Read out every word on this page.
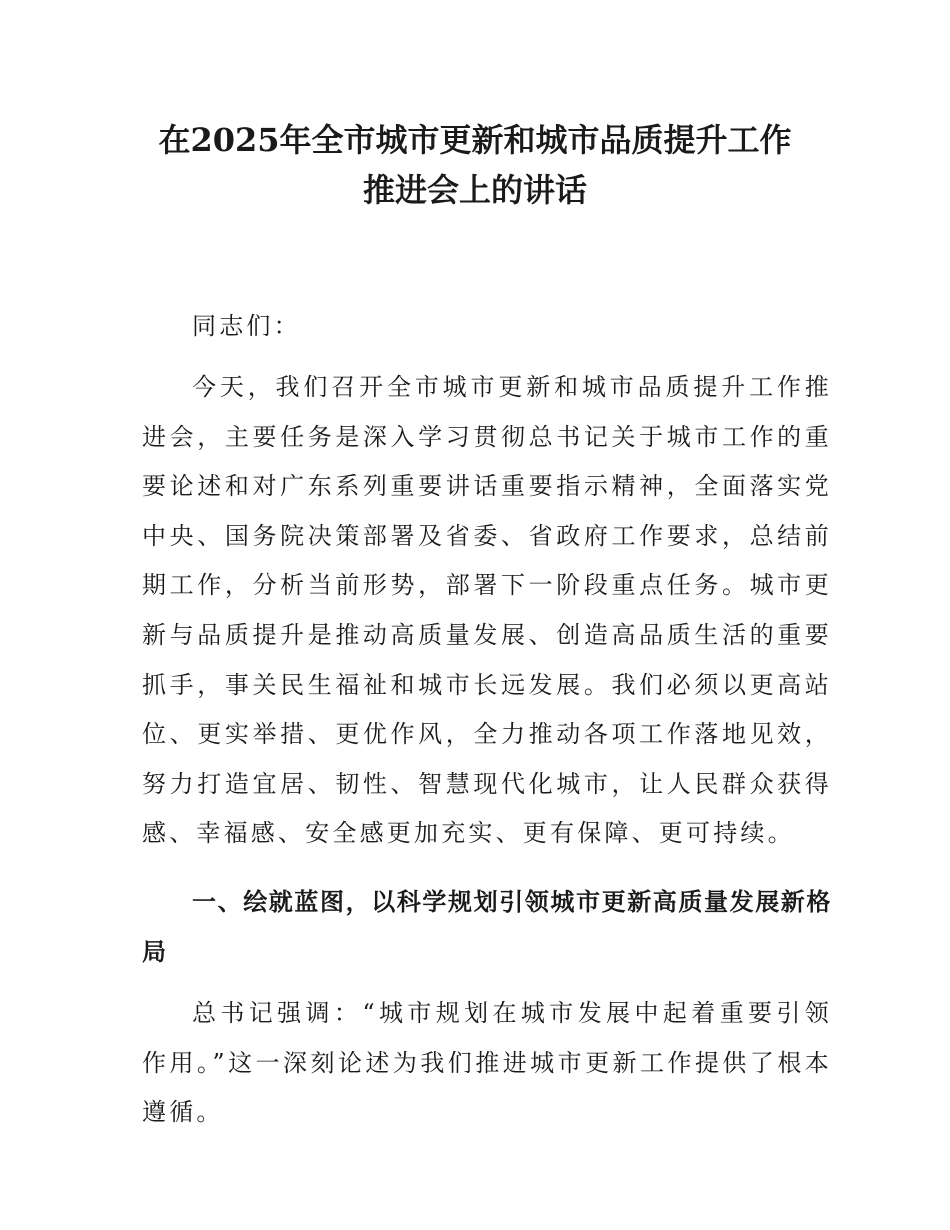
在2025年全市城市更新和城市品质提升工作
推进会上的讲话

同志们：

今天，我们召开全市城市更新和城市品质提升工作推进会，主要任务是深入学习贯彻总书记关于城市工作的重要论述和对广东系列重要讲话重要指示精神，全面落实党中央、国务院决策部署及省委、省政府工作要求，总结前期工作，分析当前形势，部署下一阶段重点任务。城市更新与品质提升是推动高质量发展、创造高品质生活的重要抓手，事关民生福祉和城市长远发展。我们必须以更高站位、更实举措、更优作风，全力推动各项工作落地见效，努力打造宜居、韧性、智慧现代化城市，让人民群众获得感、幸福感、安全感更加充实、更有保障、更可持续。

一、绘就蓝图，以科学规划引领城市更新高质量发展新格局

总书记强调：“城市规划在城市发展中起着重要引领作用。”这一深刻论述为我们推进城市更新工作提供了根本遵循。
